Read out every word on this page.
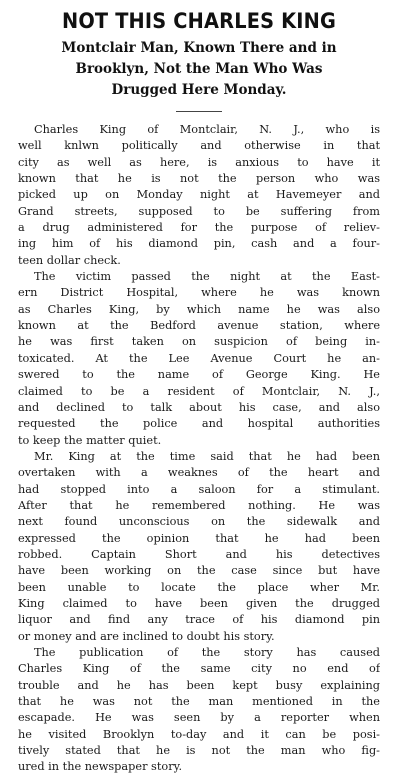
NOT THIS CHARLES KING
Montclair Man, Known There and in
Brooklyn, Not the Man Who Was
Drugged Here Monday.

Charles King of Montclair, N. J., who is
well knlwn politically and otherwise in that
city as well as here, is anxious to have it
known that he is not the person who was
picked up on Monday night at Havemeyer and
Grand streets, supposed to be suffering from
a drug administered for the purpose of reliev-
ing him of his diamond pin, cash and a four-
teen dollar check.

The victim passed the night at the East-
ern District Hospital, where he was known
as Charles King, by which name he was also
known at the Bedford avenue station, where
he was first taken on suspicion of being in-
toxicated. At the Lee Avenue Court he an-
swered to the name of George King. He
claimed to be a resident of Montclair, N. J.,
and declined to talk about his case, and also
requested the police and hospital authorities
to keep the matter quiet.

Mr. King at the time said that he had been
overtaken with a weaknes of the heart and
had stopped into a saloon for a stimulant.
After that he remembered nothing. He was
next found unconscious on the sidewalk and
expressed the opinion that he had been
robbed. Captain Short and his detectives
have been working on the case since but have
been unable to locate the place wher Mr.
King claimed to have been given the drugged
liquor and find any trace of his diamond pin
or money and are inclined to doubt his story.

The publication of the story has caused
Charles King of the same city no end of
trouble and he has been kept busy explaining
that he was not the man mentioned in the
escapade. He was seen by a reporter when
he visited Brooklyn to-day and it can be posi-
tively stated that he is not the man who fig-
ured in the newspaper story.
